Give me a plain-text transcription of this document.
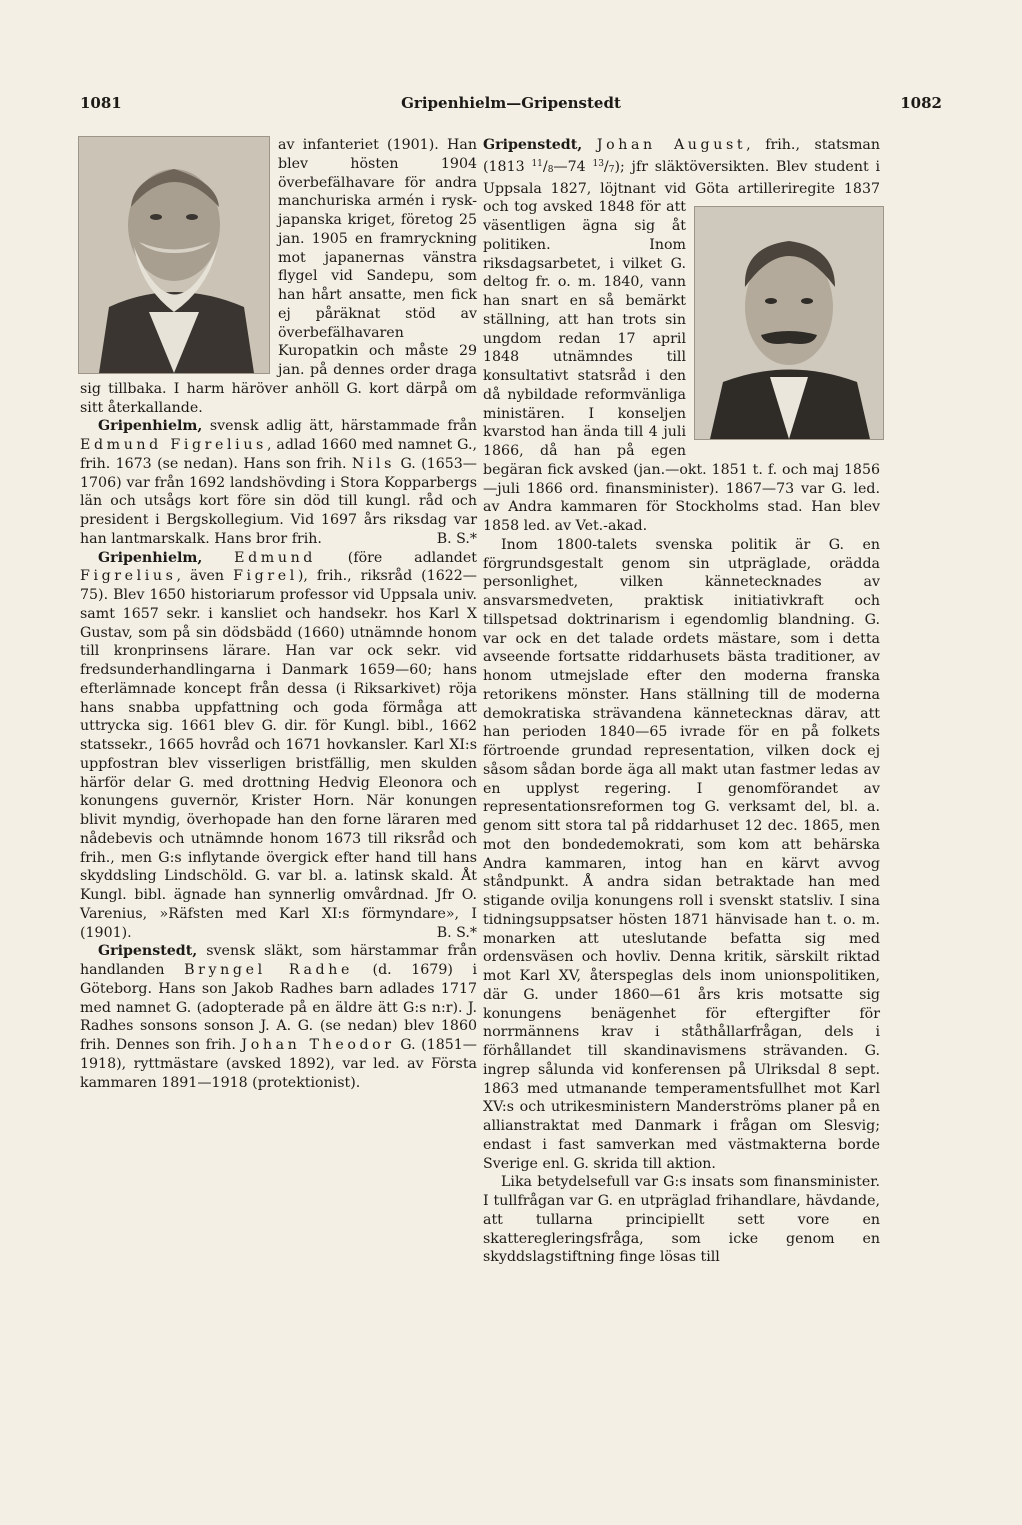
1081	Gripenhielm—Gripenstedt	1082

av infanteriet (1901). Han blev hösten 1904 överbefälhavare för andra manchuriska armén i rysk-japanska kriget, företog 25 jan. 1905 en framryckning mot japanernas vänstra flygel vid Sandepu, som han hårt ansatte, men fick ej påräknat stöd av överbefälhavaren Kuropatkin och måste 29 jan. på dennes order draga sig tillbaka. I harm häröver anhöll G. kort därpå om sitt återkallande.

Gripenhielm, svensk adlig ätt, härstammade från Edmund Figrelius, adlad 1660 med namnet G., frih. 1673 (se nedan). Hans son frih. Nils G. (1653—1706) var från 1692 landshövding i Stora Kopparbergs län och utsågs kort före sin död till kungl. råd och president i Bergskollegium. Vid 1697 års riksdag var han lantmarskalk. Hans bror frih.	B. S.*

Gripenhielm, Edmund (före adlandet Figrelius, även Figrel), frih., riksråd (1622—75). Blev 1650 historiarum professor vid Uppsala univ. samt 1657 sekr. i kansliet och handsekr. hos Karl X Gustav, som på sin dödsbädd (1660) utnämnde honom till kronprinsens lärare. Han var ock sekr. vid fredsunderhandlingarna i Danmark 1659—60; hans efterlämnade koncept från dessa (i Riksarkivet) röja hans snabba uppfattning och goda förmåga att uttrycka sig. 1661 blev G. dir. för Kungl. bibl., 1662 statssekr., 1665 hovråd och 1671 hovkansler. Karl XI:s uppfostran blev visserligen bristfällig, men skulden härför delar G. med drottning Hedvig Eleonora och konungens guvernör, Krister Horn. När konungen blivit myndig, överhopade han den forne läraren med nådebevis och utnämnde honom 1673 till riksråd och frih., men G:s inflytande övergick efter hand till hans skyddsling Lindschöld. G. var bl. a. latinsk skald. Åt Kungl. bibl. ägnade han synnerlig omvårdnad. Jfr O. Varenius, »Räfsten med Karl XI:s förmyndare», I (1901).	B. S.*

Gripenstedt, svensk släkt, som härstammar från handlanden Bryngel Radhe (d. 1679) i Göteborg. Hans son Jakob Radhes barn adlades 1717 med namnet G. (adopterade på en äldre ätt G:s n:r). J. Radhes sonsons sonson J. A. G. (se nedan) blev 1860 frih. Dennes son frih. Johan Theodor G. (1851—1918), ryttmästare (avsked 1892), var led. av Första kammaren 1891—1918 (protektionist).

Gripenstedt, Johan August, frih., statsman (1813 $^{11}/_8—74$ $^{13}/_7$); jfr släktöversikten. Blev student i Uppsala 1827, löjtnant vid Göta artilleriregite 1837 och tog avsked 1848
för att väsentligen ägna sig åt politiken. Inom riksdagsarbetet, i vilket G. deltog fr. o. m. 1840, vann han snart en så bemärkt ställning, att han trots sin ungdom redan 17 april 1848 utnämndes till konsultativt statsråd i den då nybildade reformvänliga ministären. I konseljen kvarstod han ända till 4 juli 1866, då han på egen begäran fick avsked (jan.—okt. 1851 t. f. och maj 1856—juli 1866 ord. finansminister). 1867—73 var G. led. av Andra kammaren för Stockholms stad. Han blev 1858 led. av Vet.-akad.

Inom 1800-talets svenska politik är G. en förgrundsgestalt genom sin utpräglade, orädda personlighet, vilken kännetecknades av ansvarsmedveten, praktisk initiativkraft och tillspetsad doktrinarism i egendomlig blandning. G. var ock en det talade ordets mästare, som i detta avseende fortsatte riddarhusets bästa traditioner, av honom utmejslade efter den moderna franska retorikens mönster. Hans ställning till de moderna demokratiska strävandena kännetecknas därav, att han perioden 1840—65 ivrade för en på folkets förtroende grundad representation, vilken dock ej såsom sådan borde äga all makt utan fastmer ledas av en upplyst regering. I genomförandet av representationsreformen tog G. verksamt del, bl. a. genom sitt stora tal på riddarhuset 12 dec. 1865, men mot den bondedemokrati, som kom att behärska Andra kammaren, intog han en kärvt avvog ståndpunkt. Å andra sidan betraktade han med stigande ovilja konungens roll i svenskt statsliv. I sina tidningsuppsatser hösten 1871 hänvisade han t. o. m. monarken att uteslutande befatta sig med ordensväsen och hovliv. Denna kritik, särskilt riktad mot Karl XV, återspeglas dels inom unionspolitiken, där G. under 1860—61 års kris motsatte sig konungens benägenhet för eftergifter för norrmännens krav i ståthållarfrågan, dels i förhållandet till skandinavismens strävanden. G. ingrep sålunda vid konferensen på Ulriksdal 8 sept. 1863 med utmanande temperamentsfullhet mot Karl XV:s och utrikesministern Manderströms planer på en allianstraktat med Danmark i frågan om Slesvig; endast i fast samverkan med västmakterna borde Sverige enl. G. skrida till aktion.

Lika betydelsefull var G:s insats som finansminister. I tullfrågan var G. en utpräglad frihandlare, hävdande, att tullarna principiellt sett vore en skatteregleringsfråga, som icke genom en skyddslagstiftning finge lösas till
